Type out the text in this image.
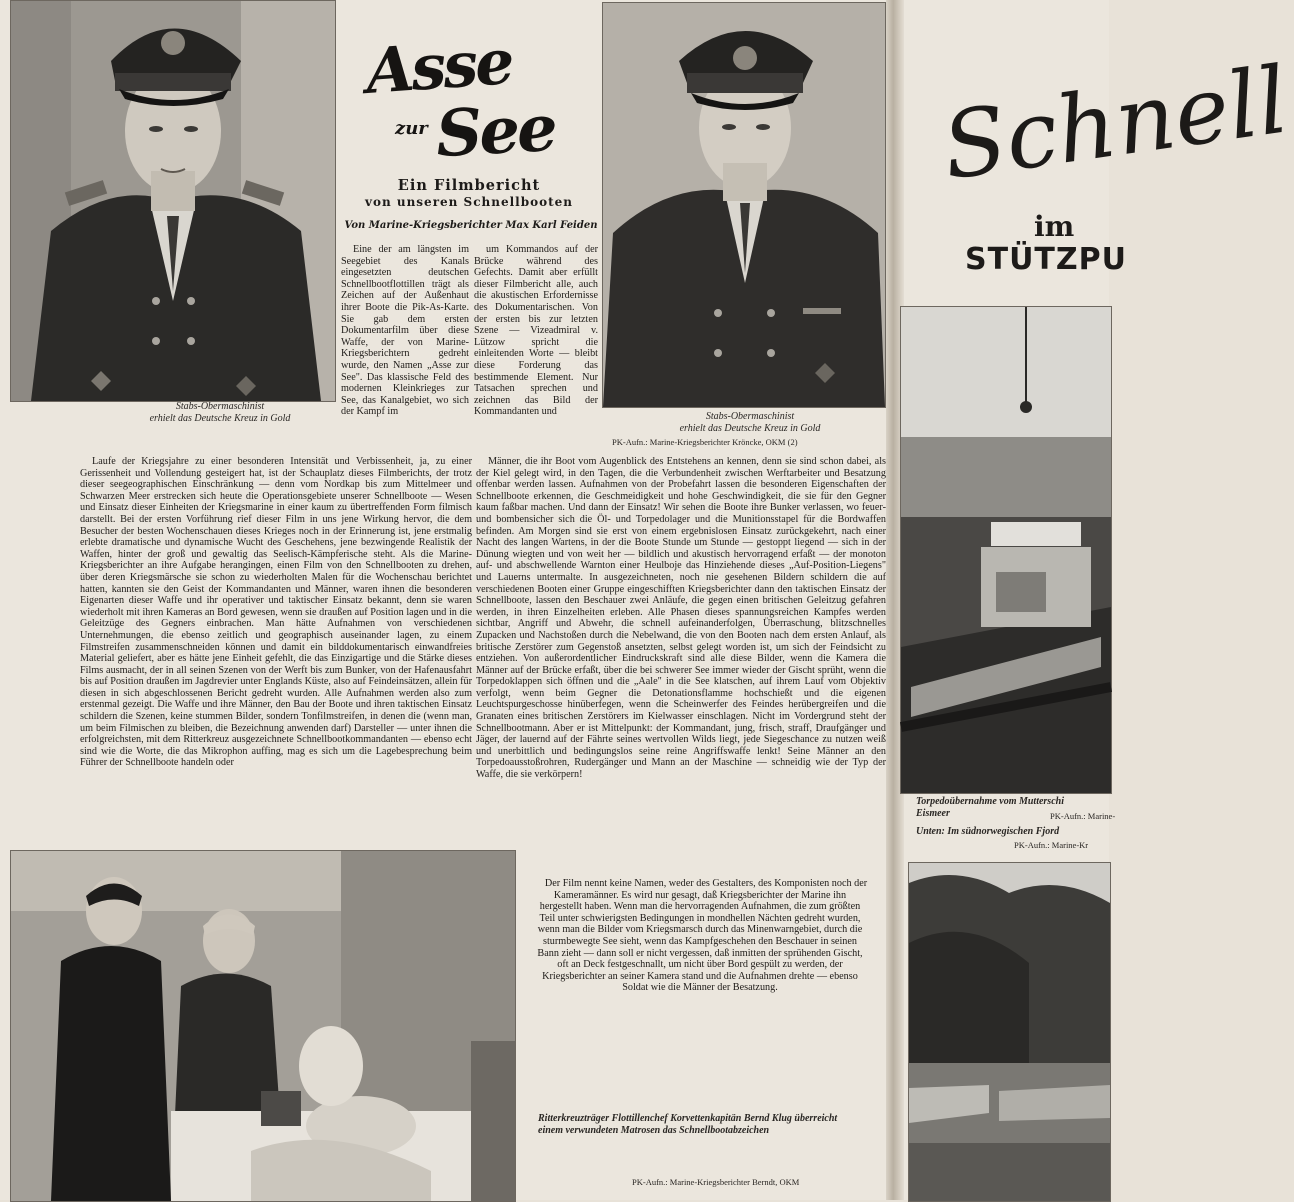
Stabs-Obermaschinist
erhielt das Deutsche Kreuz in Gold
Asse
zur See
Ein Filmbericht
von unseren Schnellbooten
Von Marine-Kriegsberichter Max Karl Feiden

Eine der am längsten im Seegebiet des Kanals eingesetzten deutschen Schnellbootflottillen trägt als Zeichen auf der Außenhaut ihrer Boote die Pik-As-Karte. Sie gab dem ersten Dokumentarfilm über diese Waffe, der von Marine-Kriegsberichtern gedreht wurde, den Namen „Asse zur See". Das klassische Feld des modernen Kleinkrieges zur See, das Kanalgebiet, wo sich der Kampf im

um Kommandos auf der Brücke während des Gefechts. Damit aber erfüllt dieser Filmbericht alle, auch die akustischen Erfordernisse des Dokumentarischen. Von der ersten bis zur letzten Szene — Vizeadmiral v. Lützow spricht die einleitenden Worte — bleibt diese Forderung das bestimmende Element. Nur Tatsachen sprechen und zeichnen das Bild der Kommandanten und	Stabs-Obermaschinist
erhielt das Deutsche Kreuz in Gold
PK-Aufn.: Marine-Kriegsberichter Kröncke, OKM (2)

Laufe der Kriegsjahre zu einer besonderen Intensität und Verbissenheit, ja, zu einer Gerissenheit und Vollendung gesteigert hat, ist der Schauplatz dieses Filmberichts, der trotz dieser seegeographischen Einschränkung — denn vom Nordkap bis zum Mittelmeer und Schwarzen Meer erstrecken sich heute die Operationsgebiete unserer Schnellboote — Wesen und Einsatz dieser Einheiten der Kriegsmarine in einer kaum zu übertreffenden Form filmisch darstellt. Bei der ersten Vorführung rief dieser Film in uns jene Wirkung hervor, die dem Besucher der besten Wochenschauen dieses Krieges noch in der Erinnerung ist, jene erstmalig erlebte dramatische und dynamische Wucht des Geschehens, jene bezwingende Realistik der Waffen, hinter der groß und gewaltig das Seelisch-Kämpferische steht. Als die Marine-Kriegsberichter an ihre Aufgabe herangingen, einen Film von den Schnellbooten zu drehen, über deren Kriegsmärsche sie schon zu wiederholten Malen für die Wochenschau berichtet hatten, kannten sie den Geist der Kommandanten und Männer, waren ihnen die besonderen Eigenarten dieser Waffe und ihr operativer und taktischer Einsatz bekannt, denn sie waren wiederholt mit ihren Kameras an Bord gewesen, wenn sie draußen auf Position lagen und in die Geleitzüge des Gegners einbrachen. Man hätte Aufnahmen von verschiedenen Unternehmungen, die ebenso zeitlich und geographisch auseinander lagen, zu einem Filmstreifen zusammenschneiden können und damit ein bilddokumentarisch einwandfreies Material geliefert, aber es hätte jene Einheit gefehlt, die das Einzigartige und die Stärke dieses Films ausmacht, der in all seinen Szenen von der Werft bis zum Bunker, von der Hafenausfahrt bis auf Position draußen im Jagdrevier unter Englands Küste, also auf Feindeinsätzen, allein für diesen in sich abgeschlossenen Bericht gedreht wurden. Alle Aufnahmen werden also zum erstenmal gezeigt. Die Waffe und ihre Männer, den Bau der Boote und ihren taktischen Einsatz schildern die Szenen, keine stummen Bilder, sondern Tonfilmstreifen, in denen die (wenn man, um beim Filmischen zu bleiben, die Bezeichnung anwenden darf) Darsteller — unter ihnen die erfolgreichsten, mit dem Ritterkreuz ausgezeichnete Schnellbootkommandanten — ebenso echt sind wie die Worte, die das Mikrophon auffing, mag es sich um die Lagebesprechung beim Führer der Schnellboote handeln oder

Männer, die ihr Boot vom Augenblick des Entstehens an kennen, denn sie sind schon dabei, als der Kiel gelegt wird, in den Tagen, die die Verbundenheit zwischen Werftarbeiter und Besatzung offenbar werden lassen. Aufnahmen von der Probefahrt lassen die besonderen Eigenschaften der Schnellboote erkennen, die Geschmeidigkeit und hohe Geschwindigkeit, die sie für den Gegner kaum faßbar machen. Und dann der Einsatz! Wir sehen die Boote ihre Bunker verlassen, wo feuer- und bombensicher sich die Öl- und Torpedolager und die Munitionsstapel für die Bordwaffen befinden. Am Morgen sind sie erst von einem ergebnislosen Einsatz zurückgekehrt, nach einer Nacht des langen Wartens, in der die Boote Stunde um Stunde — gestoppt liegend — sich in der Dünung wiegten und von weit her — bildlich und akustisch hervorragend erfaßt — der monoton auf- und abschwellende Warnton einer Heulboje das Hinziehende dieses „Auf-Position-Liegens" und Lauerns untermalte. In ausgezeichneten, noch nie gesehenen Bildern schildern die auf verschiedenen Booten einer Gruppe eingeschifften Kriegsberichter dann den taktischen Einsatz der Schnellboote, lassen den Beschauer zwei Anläufe, die gegen einen britischen Geleitzug gefahren werden, in ihren Einzelheiten erleben. Alle Phasen dieses spannungsreichen Kampfes werden sichtbar, Angriff und Abwehr, die schnell aufeinanderfolgen, Überraschung, blitzschnelles Zupacken und Nachstoßen durch die Nebelwand, die von den Booten nach dem ersten Anlauf, als britische Zerstörer zum Gegenstoß ansetzten, selbst gelegt worden ist, um sich der Feindsicht zu entziehen. Von außerordentlicher Eindruckskraft sind alle diese Bilder, wenn die Kamera die Männer auf der Brücke erfaßt, über die bei schwerer See immer wieder der Gischt sprüht, wenn die Torpedoklappen sich öffnen und die „Aale" in die See klatschen, auf ihrem Lauf vom Objektiv verfolgt, wenn beim Gegner die Detonationsflamme hochschießt und die eigenen Leuchtspurgeschosse hinüberfegen, wenn die Scheinwerfer des Feindes herübergreifen und die Granaten eines britischen Zerstörers im Kielwasser einschlagen. Nicht im Vordergrund steht der Schnellbootmann. Aber er ist Mittelpunkt: der Kommandant, jung, frisch, straff, Draufgänger und Jäger, der lauernd auf der Fährte seines wertvollen Wilds liegt, jede Siegeschance zu nutzen weiß und unerbittlich und bedingungslos seine reine Angriffswaffe lenkt! Seine Männer an den Torpedoausstoßrohren, Rudergänger und Mann an der Maschine — schneidig wie der Typ der Waffe, die sie verkörpern!

Der Film nennt keine Namen, weder des Gestalters, des Komponisten noch der Kameramänner. Es wird nur gesagt, daß Kriegsberichter der Marine ihn hergestellt haben. Wenn man die hervorragenden Aufnahmen, die zum größten Teil unter schwierigsten Bedingungen in mondhellen Nächten gedreht wurden, wenn man die Bilder vom Kriegsmarsch durch das Minenwarngebiet, durch die sturmbewegte See sieht, wenn das Kampfgeschehen den Beschauer in seinen Bann zieht — dann soll er nicht vergessen, daß inmitten der sprühenden Gischt, oft an Deck festgeschnallt, um nicht über Bord gespült zu werden, der Kriegsberichter an seiner Kamera stand und die Aufnahmen drehte — ebenso Soldat wie die Männer der Besatzung.

Ritterkreuzträger Flottillenchef Korvettenkapitän Bernd Klug überreicht einem verwundeten Matrosen das Schnellbootabzeichen
PK-Aufn.: Marine-Kriegsberichter Berndt, OKM
Schnell
im
STÜTZPU
Torpedoübernahme vom Mutterschi
Eismeer	PK-Aufn.: Marine-
Unten: Im südnorwegischen Fjord
PK-Aufn.: Marine-Kr
